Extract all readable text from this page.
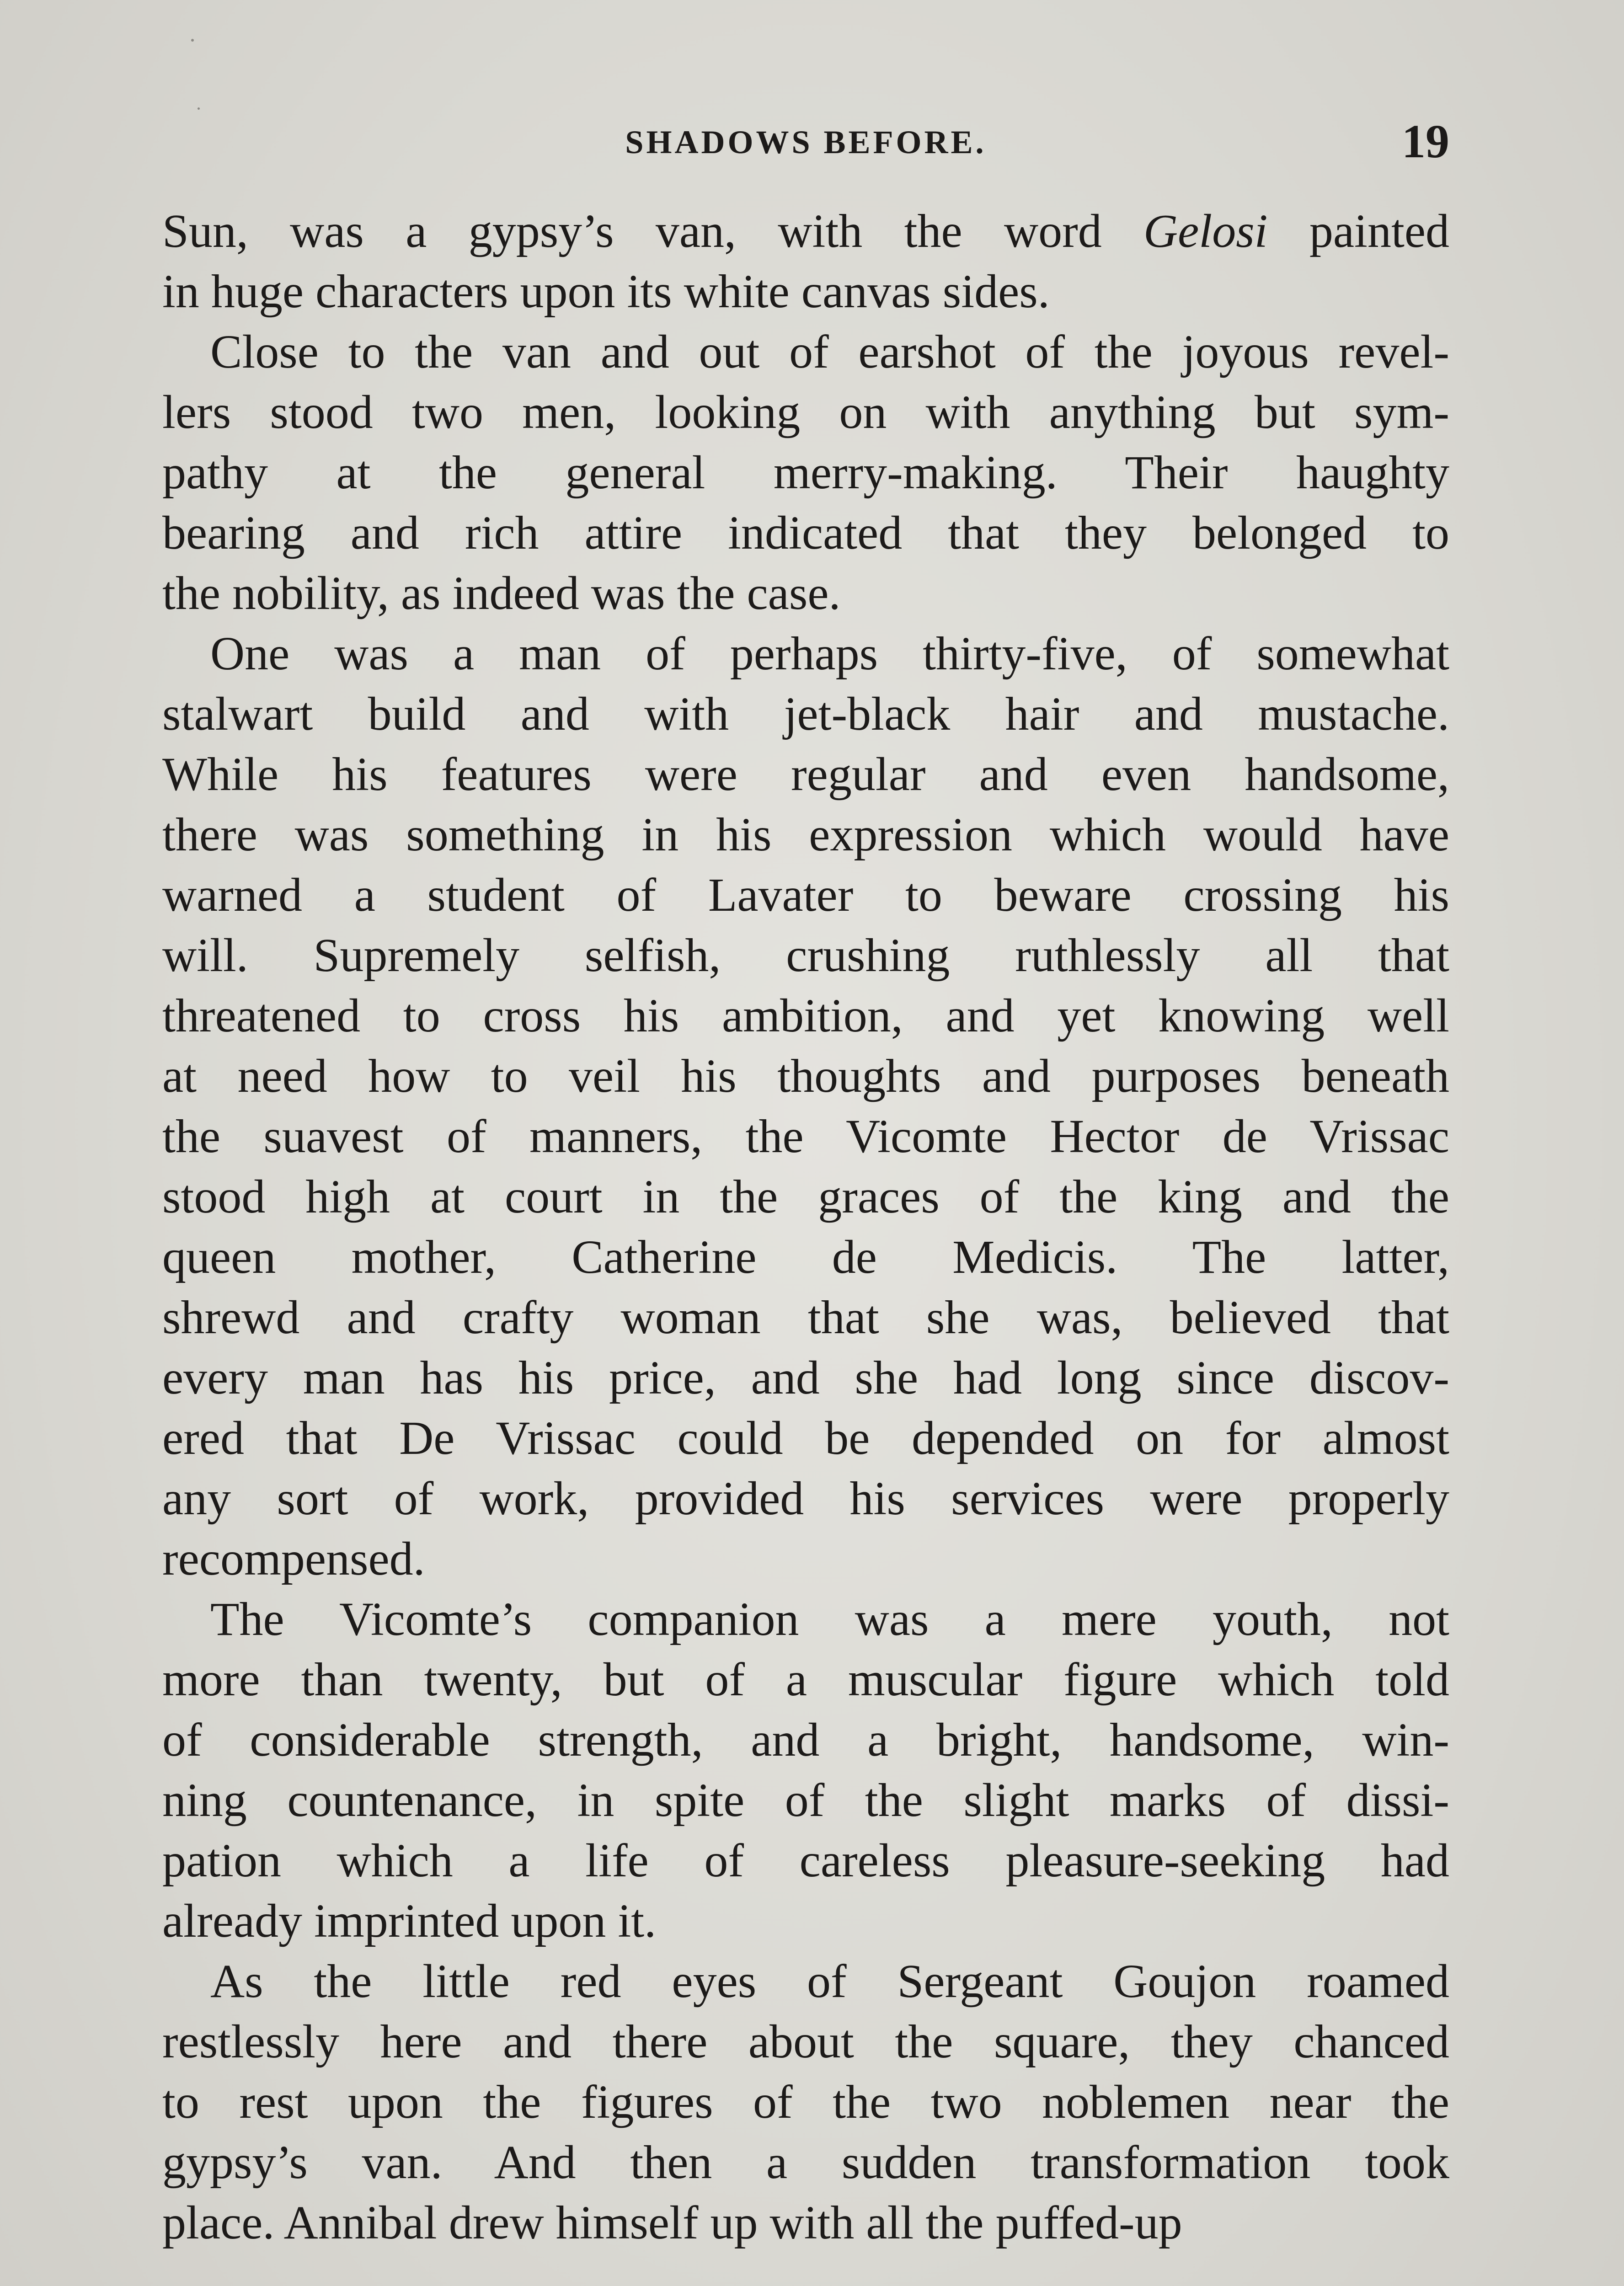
SHADOWS BEFORE.	19
Sun, was a gypsy’s van, with the word Gelosi painted
in huge characters upon its white canvas sides.
Close to the van and out of earshot of the joyous revel-
lers stood two men, looking on with anything but sym-
pathy at the general merry-making. Their haughty
bearing and rich attire indicated that they belonged to
the nobility, as indeed was the case.
One was a man of perhaps thirty-five, of somewhat
stalwart build and with jet-black hair and mustache.
While his features were regular and even handsome,
there was something in his expression which would have
warned a student of Lavater to beware crossing his
will. Supremely selfish, crushing ruthlessly all that
threatened to cross his ambition, and yet knowing well
at need how to veil his thoughts and purposes beneath
the suavest of manners, the Vicomte Hector de Vrissac
stood high at court in the graces of the king and the
queen mother, Catherine de Medicis. The latter,
shrewd and crafty woman that she was, believed that
every man has his price, and she had long since discov-
ered that De Vrissac could be depended on for almost
any sort of work, provided his services were properly
recompensed.
The Vicomte’s companion was a mere youth, not
more than twenty, but of a muscular figure which told
of considerable strength, and a bright, handsome, win-
ning countenance, in spite of the slight marks of dissi-
pation which a life of careless pleasure-seeking had
already imprinted upon it.
As the little red eyes of Sergeant Goujon roamed
restlessly here and there about the square, they chanced
to rest upon the figures of the two noblemen near the
gypsy’s van. And then a sudden transformation took
place. Annibal drew himself up with all the puffed-up
